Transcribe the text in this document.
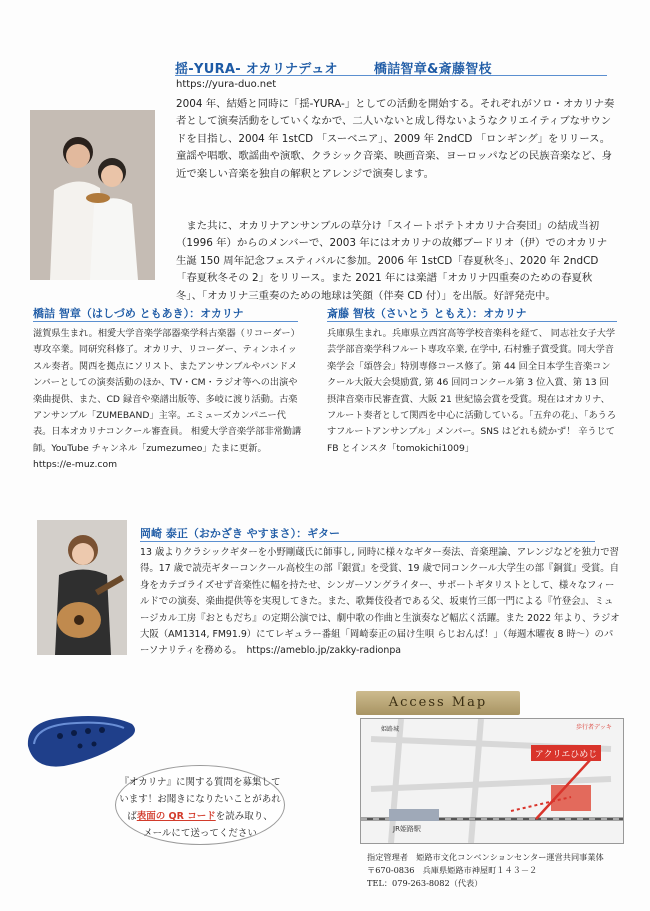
揺-YURA- オカリナデュオ	橋詰智章&斎藤智枝
https://yura-duo.net
2004 年、結婚と同時に「揺-YURA-」としての活動を開始する。それぞれがソロ・オカリナ奏者として演奏活動をしていくなかで、二人いないと成し得ないようなクリエイティブなサウンドを目指し、2004 年 1stCD 「スーベニア」、2009 年 2ndCD 「ロンギング」をリリース。童謡や唱歌、歌謡曲や演歌、クラシック音楽、映画音楽、ヨーロッパなどの民族音楽など、身近で楽しい音楽を独自の解釈とアレンジで演奏します。
また共に、オカリナアンサンブルの草分け「スイートポテトオカリナ合奏団」の結成当初（1996 年）からのメンバーで、2003 年にはオカリナの故郷ブードリオ（伊）でのオカリナ生誕 150 周年記念フェスティバルに参加。2006 年 1stCD「春夏秋冬」、2020 年 2ndCD「春夏秋冬その 2」をリリース。また 2021 年には楽譜「オカリナ四重奏のための春夏秋冬」、「オカリナ三重奏のための地球は笑顔（伴奏 CD 付）」を出版。好評発売中。
橋詰 智章（はしづめ ともあき）：オカリナ
滋賀県生まれ。相愛大学音楽学部器楽学科古楽器（リコーダー）専攻卒業。同研究科修了。オカリナ、リコーダー、ティンホイッスル奏者。関西を拠点にソリスト、またアンサンブルやバンドメンバーとしての演奏活動のほか、TV・CM・ラジオ等への出演や楽曲提供、また、CD 録音や楽譜出版等、多岐に渡り活動。古楽アンサンブル「ZUMEBAND」主宰。エミューズカンパニー代表。日本オカリナコンクール審査員。 相愛大学音楽学部非常勤講師。YouTube チャンネル「zumezumeo」たまに更新。https://e-muz.com
斎藤 智枝（さいとう ともえ）：オカリナ
兵庫県生まれ。兵庫県立西宮高等学校音楽科を経て、 同志社女子大学芸学部音楽学科フルート専攻卒業, 在学中, 石村雅子賞受賞。同大学音楽学会「頌啓会」特別専修コース修了。第 44 回全日本学生音楽コンクール大阪大会奨励賞, 第 46 回同コンクール第 3 位入賞、第 13 回摂津音楽市民審査賞、大阪 21 世紀協会賞を受賞。現在はオカリナ、フルート奏者として関西を中心に活動している。「五弁の花」、「あうろすフルートアンサンブル」メンバー。SNS はどれも続かず！ 辛うじて FB とインスタ「tomokichi1009」
岡崎 泰正（おかざき やすまさ）：ギター
13 歳よりクラシックギターを小野剛蔵氏に師事し, 同時に様々なギター奏法、音楽理論、アレンジなどを独力で習得。17 歳で読売ギターコンクール高校生の部『銀賞』を受賞、19 歳で同コンクール大学生の部『銅賞』受賞。自身をカテゴライズせず音楽性に幅を持たせ、シンガーソングライター、サポートギタリストとして、様々なフィールドでの演奏、楽曲提供等を実現してきた。また、歌舞伎役者である父、坂東竹三郎一門による『竹登会』、ミュージカル工房『おともだち』の定期公演では、劇中歌の作曲と生演奏など幅広く活躍。また 2022 年より、ラジオ大阪（AM1314, FM91.9）にてレギュラー番組「岡崎泰正の届け生唄 らじおんば！」（毎週木曜夜 8 時～）のパーソナリティを務める。　https://ameblo.jp/zakky-radionpa
『オカリナ』に関する質問を募集して
います！お聞きになりたいことがあれ
ば表面の QR コードを読み取り、
メールにて送ってください
Access Map
アクリエひめじ
JR姫路駅
歩行者デッキ
姫路城
指定管理者　姫路市文化コンベンションセンター運営共同事業体
〒670-0836　兵庫県姫路市神屋町１４３－２
TEL：079-263-8082（代表）
